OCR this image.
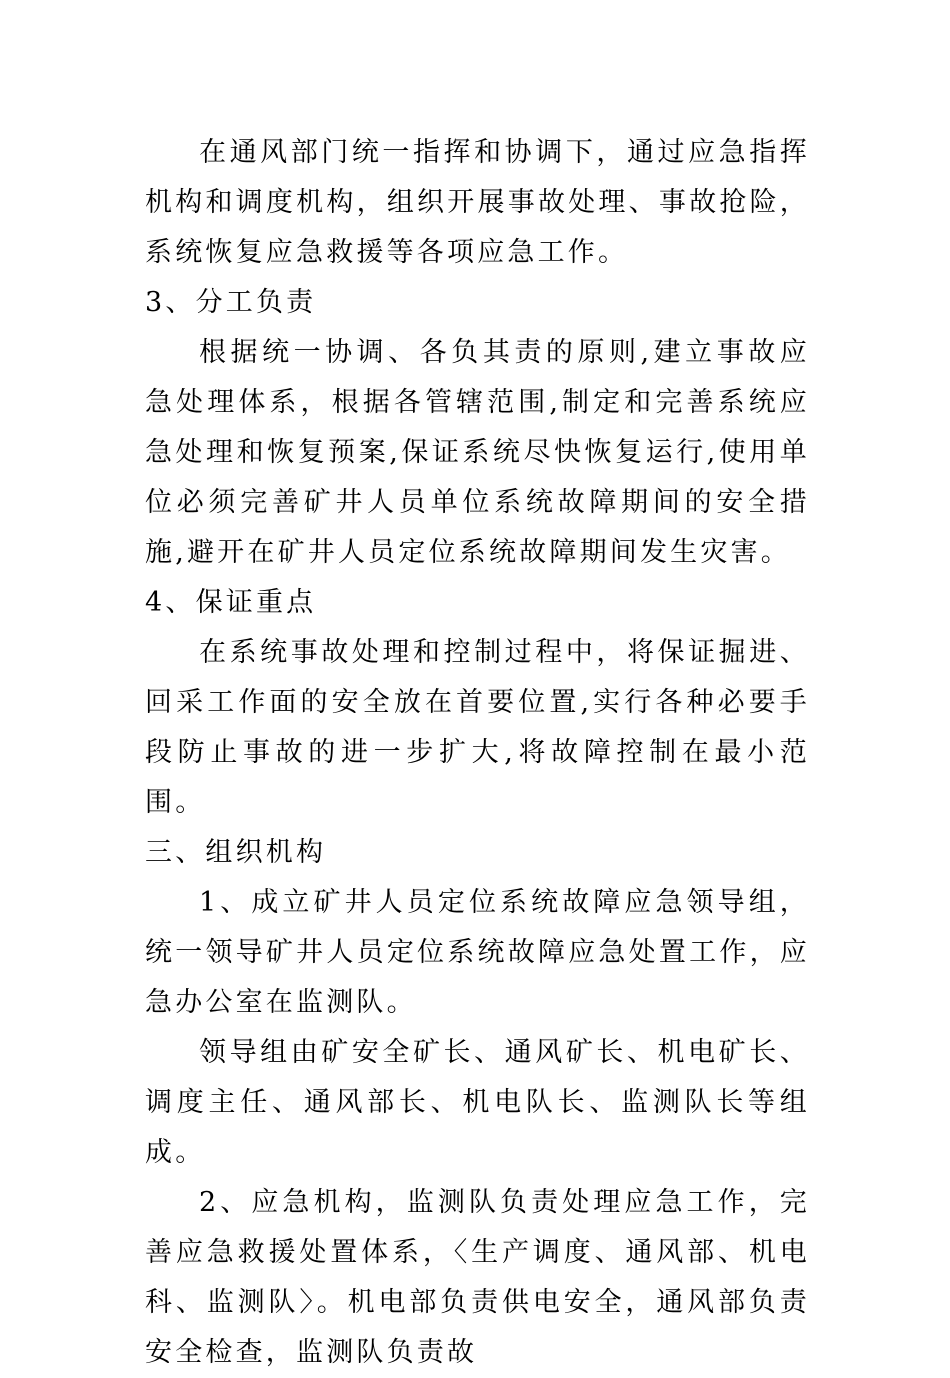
在通风部门统一指挥和协调下，通过应急指挥机构和调度机构，组织开展事故处理、事故抢险，系统恢复应急救援等各项应急工作。

3、分工负责

根据统一协调、各负其责的原则,建立事故应急处理体系，根据各管辖范围,制定和完善系统应急处理和恢复预案,保证系统尽快恢复运行,使用单位必须完善矿井人员单位系统故障期间的安全措施,避开在矿井人员定位系统故障期间发生灾害。

4、保证重点

在系统事故处理和控制过程中，将保证掘进、回采工作面的安全放在首要位置,实行各种必要手段防止事故的进一步扩大,将故障控制在最小范围。

三、组织机构

1、成立矿井人员定位系统故障应急领导组，统一领导矿井人员定位系统故障应急处置工作，应急办公室在监测队。

领导组由矿安全矿长、通风矿长、机电矿长、调度主任、通风部长、机电队长、监测队长等组成。

2、应急机构，监测队负责处理应急工作，完善应急救援处置体系，〈生产调度、通风部、机电科、监测队〉。机电部负责供电安全，通风部负责安全检查，监测队负责故
